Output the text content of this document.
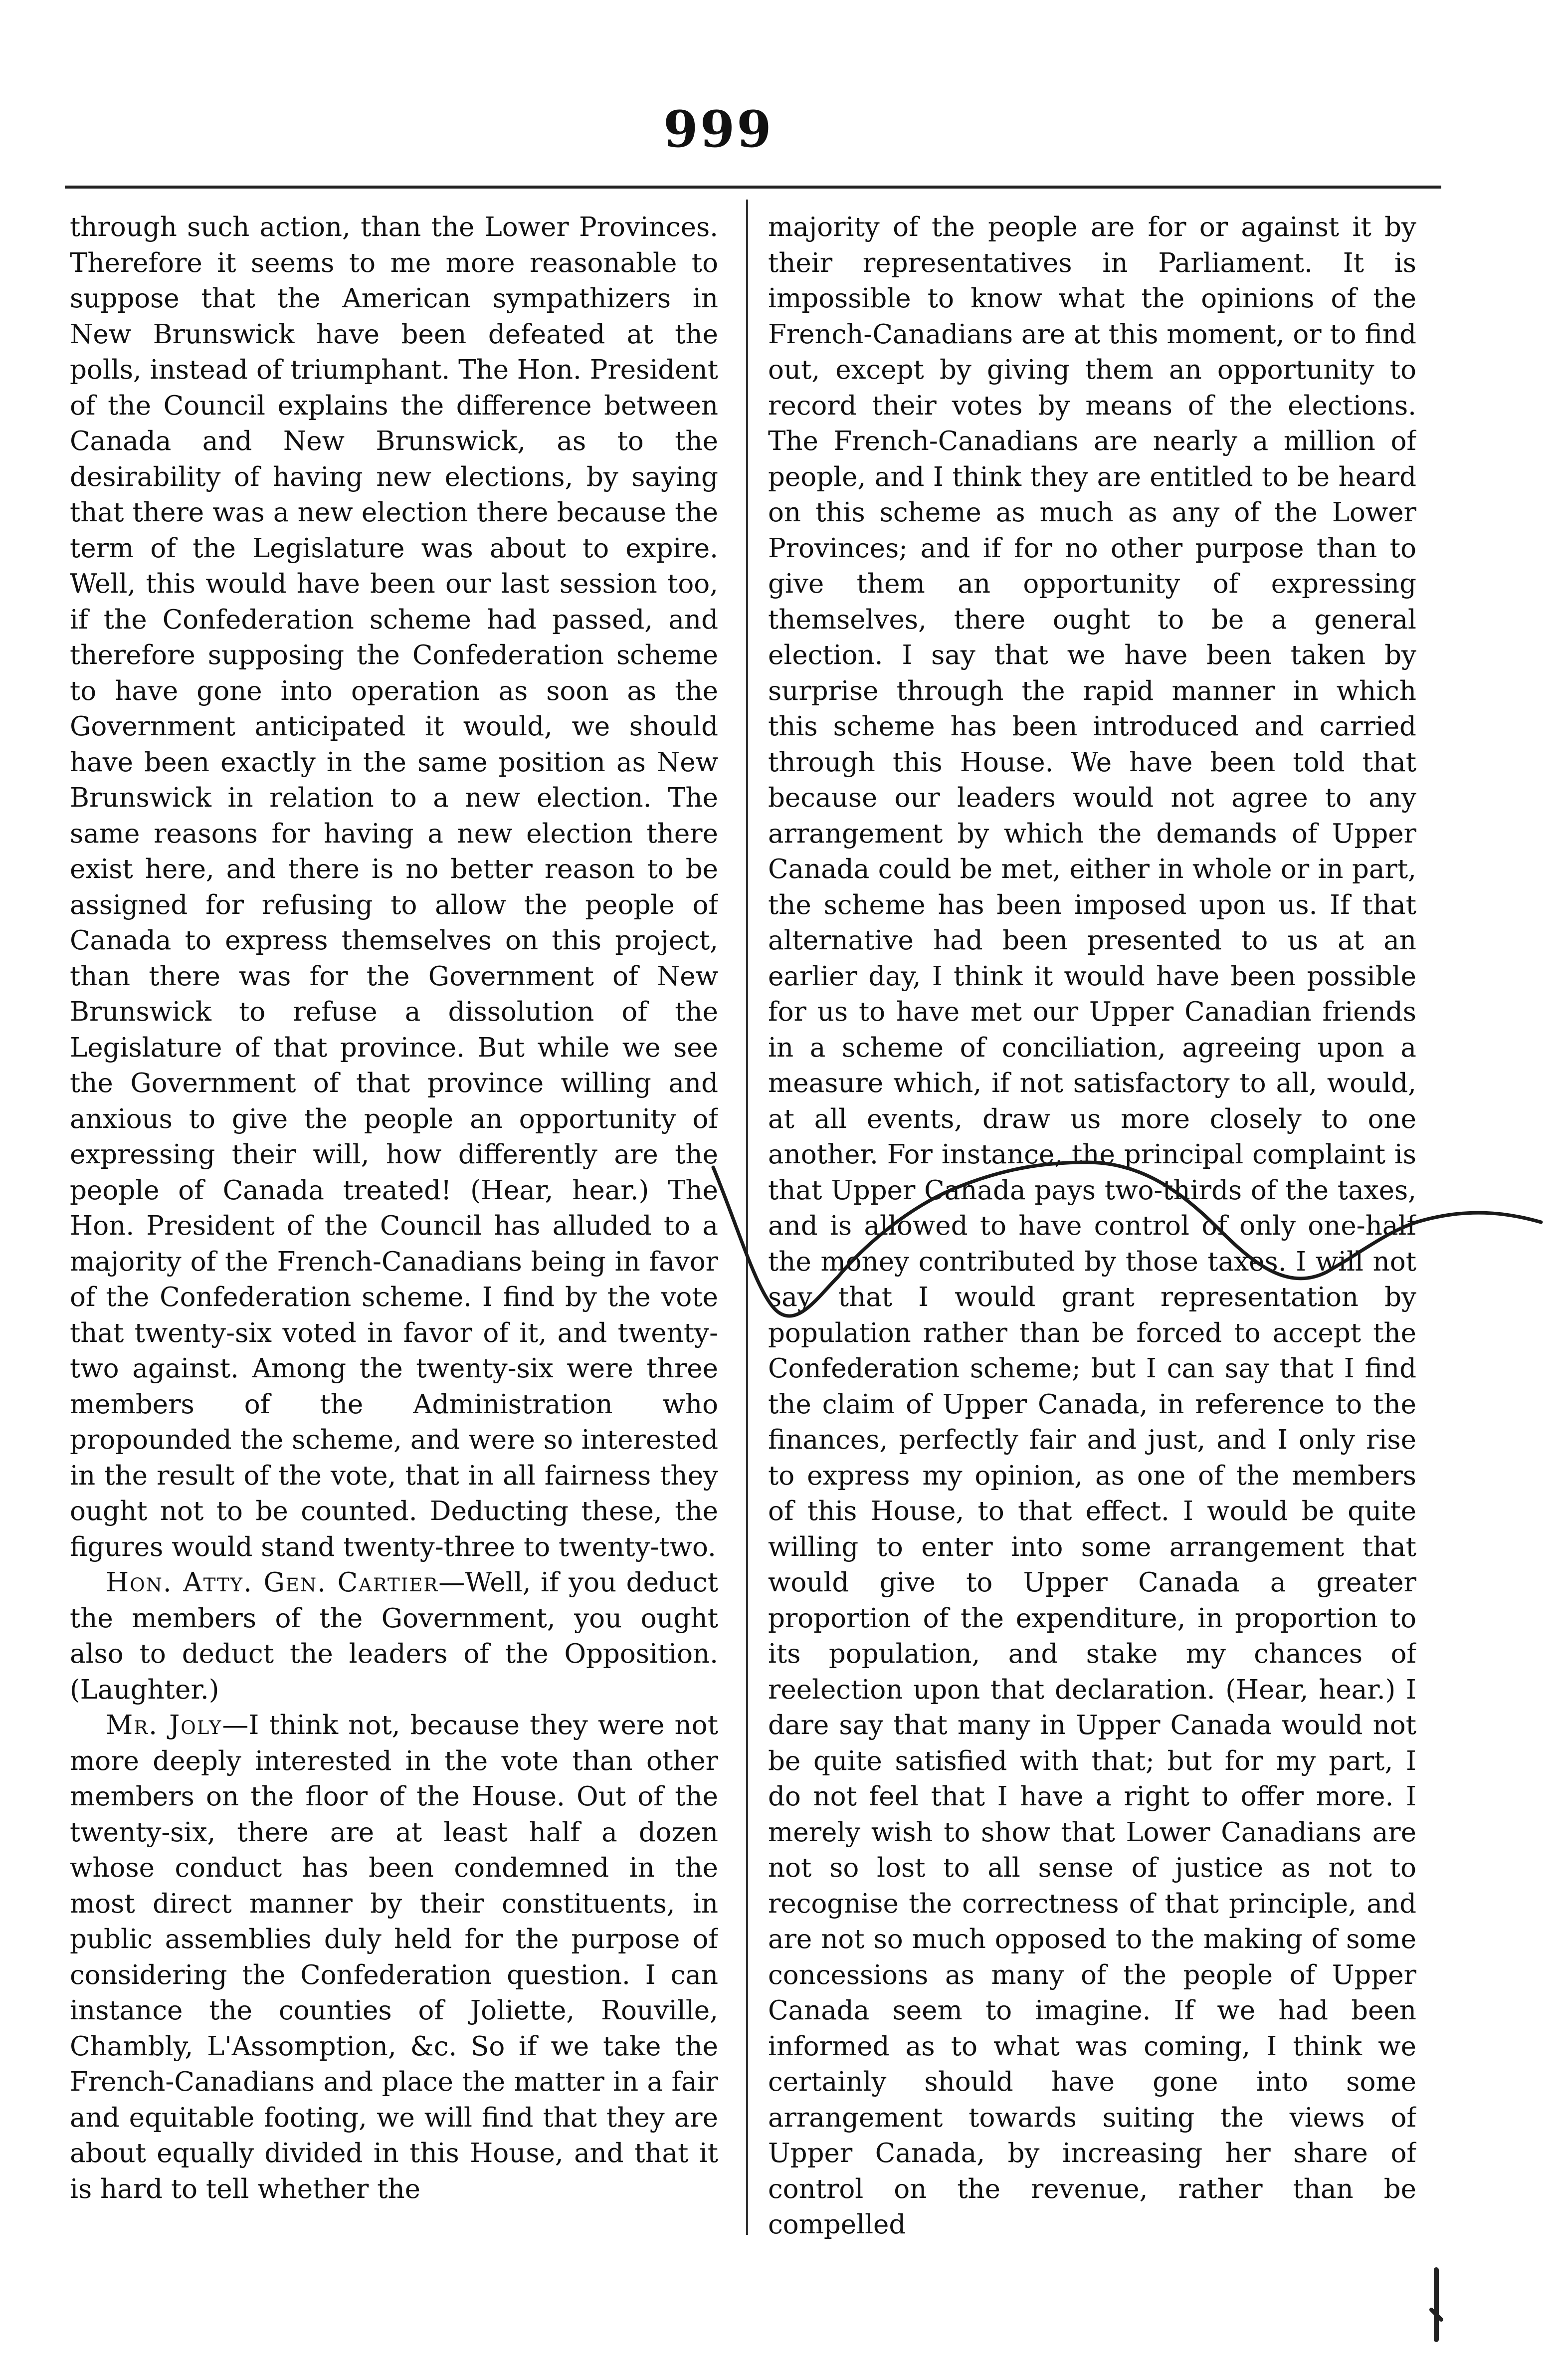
999

through such action, than the Lower Provinces. Therefore it seems to me more reasonable to suppose that the American sympathizers in New Brunswick have been defeated at the polls, instead of triumphant. The Hon. President of the Council explains the difference between Canada and New Brunswick, as to the desirability of having new elections, by saying that there was a new election there because the term of the Legislature was about to expire. Well, this would have been our last session too, if the Confederation scheme had passed, and therefore supposing the Confederation scheme to have gone into operation as soon as the Government anticipated it would, we should have been exactly in the same position as New Brunswick in relation to a new election. The same reasons for having a new election there exist here, and there is no better reason to be assigned for refusing to allow the people of Canada to express themselves on this project, than there was for the Government of New Brunswick to refuse a dissolution of the Legislature of that province. But while we see the Government of that province willing and anxious to give the people an opportunity of expressing their will, how differently are the people of Canada treated! (Hear, hear.) The Hon. President of the Council has alluded to a majority of the French-Canadians being in favor of the Confederation scheme. I find by the vote that twenty-six voted in favor of it, and twenty-two against. Among the twenty-six were three members of the Administration who propounded the scheme, and were so interested in the result of the vote, that in all fairness they ought not to be counted. Deducting these, the figures would stand twenty-three to twenty-two.

Hon. Atty. Gen. Cartier—Well, if you deduct the members of the Government, you ought also to deduct the leaders of the Opposition. (Laughter.)

Mr. Joly—I think not, because they were not more deeply interested in the vote than other members on the floor of the House. Out of the twenty-six, there are at least half a dozen whose conduct has been condemned in the most direct manner by their constituents, in public assemblies duly held for the purpose of considering the Confederation question. I can instance the counties of Joliette, Rouville, Chambly, L'Assomption, &c. So if we take the French-Canadians and place the matter in a fair and equitable footing, we will find that they are about equally divided in this House, and that it is hard to tell whether the

majority of the people are for or against it by their representatives in Parliament. It is impossible to know what the opinions of the French-Canadians are at this moment, or to find out, except by giving them an opportunity to record their votes by means of the elections. The French-Canadians are nearly a million of people, and I think they are entitled to be heard on this scheme as much as any of the Lower Provinces; and if for no other purpose than to give them an opportunity of expressing themselves, there ought to be a general election. I say that we have been taken by surprise through the rapid manner in which this scheme has been introduced and carried through this House. We have been told that because our leaders would not agree to any arrangement by which the demands of Upper Canada could be met, either in whole or in part, the scheme has been imposed upon us. If that alternative had been presented to us at an earlier day, I think it would have been possible for us to have met our Upper Canadian friends in a scheme of conciliation, agreeing upon a measure which, if not satisfactory to all, would, at all events, draw us more closely to one another. For instance, the principal complaint is that Upper Canada pays two-thirds of the taxes, and is allowed to have control of only one-half the money contributed by those taxes. I will not say that I would grant representation by population rather than be forced to accept the Confederation scheme; but I can say that I find the claim of Upper Canada, in reference to the finances, perfectly fair and just, and I only rise to express my opinion, as one of the members of this House, to that effect. I would be quite willing to enter into some arrangement that would give to Upper Canada a greater proportion of the expenditure, in proportion to its population, and stake my chances of reelection upon that declaration. (Hear, hear.) I dare say that many in Upper Canada would not be quite satisfied with that; but for my part, I do not feel that I have a right to offer more. I merely wish to show that Lower Canadians are not so lost to all sense of justice as not to recognise the correctness of that principle, and are not so much opposed to the making of some concessions as many of the people of Upper Canada seem to imagine. If we had been informed as to what was coming, I think we certainly should have gone into some arrangement towards suiting the views of Upper Canada, by increasing her share of control on the revenue, rather than be compelled
